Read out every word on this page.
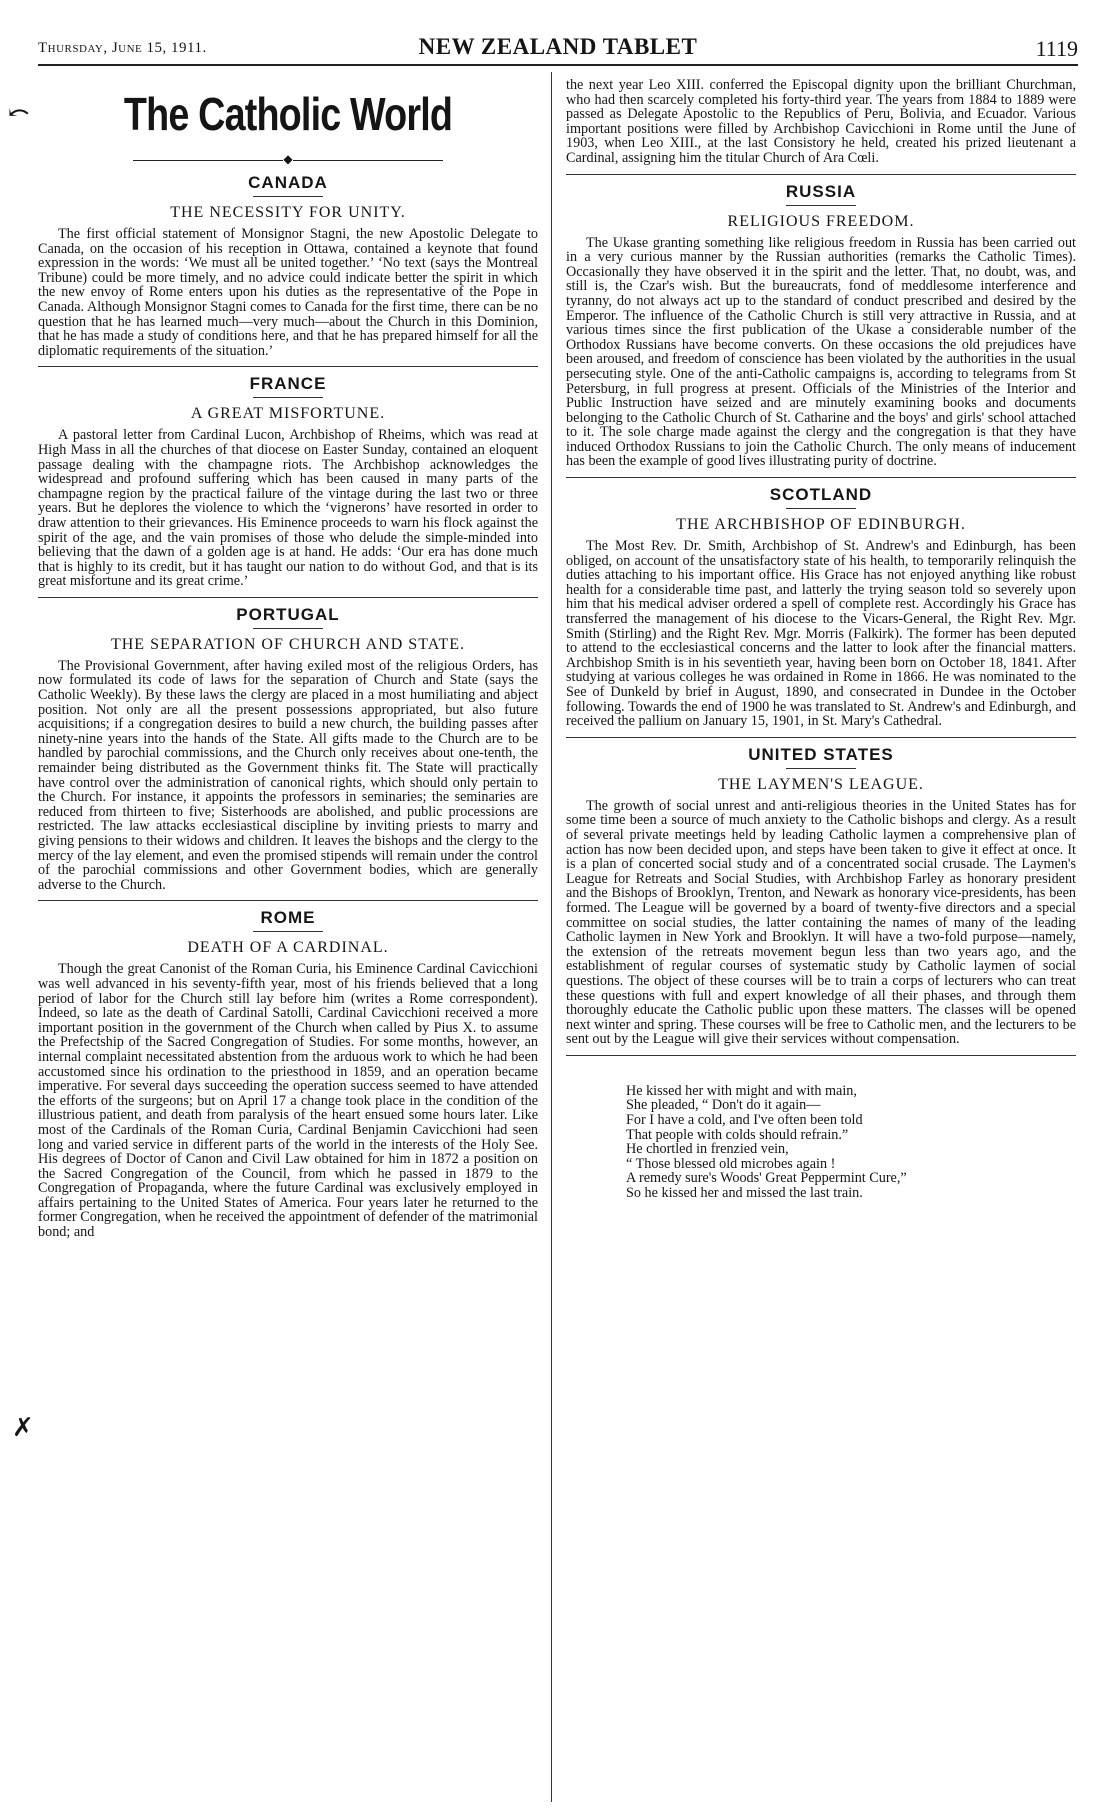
Thursday, June 15, 1911.	NEW ZEALAND TABLET	1119
⤺
✗
The Catholic World
◆
CANADA
THE NECESSITY FOR UNITY.

The first official statement of Monsignor Stagni, the new Apostolic Delegate to Canada, on the occasion of his reception in Ottawa, contained a keynote that found expression in the words: ‘We must all be united together.’ ‘No text (says the Montreal Tribune) could be more timely, and no advice could indicate better the spirit in which the new envoy of Rome enters upon his duties as the representative of the Pope in Canada. Although Monsignor Stagni comes to Canada for the first time, there can be no question that he has learned much—very much—about the Church in this Dominion, that he has made a study of conditions here, and that he has prepared himself for all the diplomatic requirements of the situation.’

FRANCE
A GREAT MISFORTUNE.

A pastoral letter from Cardinal Lucon, Archbishop of Rheims, which was read at High Mass in all the churches of that diocese on Easter Sunday, contained an eloquent passage dealing with the champagne riots. The Archbishop acknowledges the widespread and profound suffering which has been caused in many parts of the champagne region by the practical failure of the vintage during the last two or three years. But he deplores the violence to which the ‘vignerons’ have resorted in order to draw attention to their grievances. His Eminence proceeds to warn his flock against the spirit of the age, and the vain promises of those who delude the simple-minded into believing that the dawn of a golden age is at hand. He adds: ‘Our era has done much that is highly to its credit, but it has taught our nation to do without God, and that is its great misfortune and its great crime.’

PORTUGAL
THE SEPARATION OF CHURCH AND STATE.

The Provisional Government, after having exiled most of the religious Orders, has now formulated its code of laws for the separation of Church and State (says the Catholic Weekly). By these laws the clergy are placed in a most humiliating and abject position. Not only are all the present possessions appropriated, but also future acquisitions; if a congregation desires to build a new church, the building passes after ninety-nine years into the hands of the State. All gifts made to the Church are to be handled by parochial commissions, and the Church only receives about one-tenth, the remainder being distributed as the Government thinks fit. The State will practically have control over the administration of canonical rights, which should only pertain to the Church. For instance, it appoints the professors in seminaries; the seminaries are reduced from thirteen to five; Sisterhoods are abolished, and public processions are restricted. The law attacks ecclesiastical discipline by inviting priests to marry and giving pensions to their widows and children. It leaves the bishops and the clergy to the mercy of the lay element, and even the promised stipends will remain under the control of the parochial commissions and other Government bodies, which are generally adverse to the Church.

ROME
DEATH OF A CARDINAL.

Though the great Canonist of the Roman Curia, his Eminence Cardinal Cavicchioni was well advanced in his seventy-fifth year, most of his friends believed that a long period of labor for the Church still lay before him (writes a Rome correspondent). Indeed, so late as the death of Cardinal Satolli, Cardinal Cavicchioni received a more important position in the government of the Church when called by Pius X. to assume the Prefectship of the Sacred Congregation of Studies. For some months, however, an internal complaint necessitated abstention from the arduous work to which he had been accustomed since his ordination to the priesthood in 1859, and an operation became imperative. For several days succeeding the operation success seemed to have attended the efforts of the surgeons; but on April 17 a change took place in the condition of the illustrious patient, and death from paralysis of the heart ensued some hours later. Like most of the Cardinals of the Roman Curia, Cardinal Benjamin Cavicchioni had seen long and varied service in different parts of the world in the interests of the Holy See. His degrees of Doctor of Canon and Civil Law obtained for him in 1872 a position on the Sacred Congregation of the Council, from which he passed in 1879 to the Congregation of Propaganda, where the future Cardinal was exclusively employed in affairs pertaining to the United States of America. Four years later he returned to the former Congregation, when he received the appointment of defender of the matrimonial bond; and

the next year Leo XIII. conferred the Episcopal dignity upon the brilliant Churchman, who had then scarcely completed his forty-third year. The years from 1884 to 1889 were passed as Delegate Apostolic to the Republics of Peru, Bolivia, and Ecuador. Various important positions were filled by Archbishop Cavicchioni in Rome until the June of 1903, when Leo XIII., at the last Consistory he held, created his prized lieutenant a Cardinal, assigning him the titular Church of Ara Cœli.

RUSSIA
RELIGIOUS FREEDOM.

The Ukase granting something like religious freedom in Russia has been carried out in a very curious manner by the Russian authorities (remarks the Catholic Times). Occasionally they have observed it in the spirit and the letter. That, no doubt, was, and still is, the Czar's wish. But the bureaucrats, fond of meddlesome interference and tyranny, do not always act up to the standard of conduct prescribed and desired by the Emperor. The influence of the Catholic Church is still very attractive in Russia, and at various times since the first publication of the Ukase a considerable number of the Orthodox Russians have become converts. On these occasions the old prejudices have been aroused, and freedom of conscience has been violated by the authorities in the usual persecuting style. One of the anti-Catholic campaigns is, according to telegrams from St Petersburg, in full progress at present. Officials of the Ministries of the Interior and Public Instruction have seized and are minutely examining books and documents belonging to the Catholic Church of St. Catharine and the boys' and girls' school attached to it. The sole charge made against the clergy and the congregation is that they have induced Orthodox Russians to join the Catholic Church. The only means of inducement has been the example of good lives illustrating purity of doctrine.

SCOTLAND
THE ARCHBISHOP OF EDINBURGH.

The Most Rev. Dr. Smith, Archbishop of St. Andrew's and Edinburgh, has been obliged, on account of the unsatisfactory state of his health, to temporarily relinquish the duties attaching to his important office. His Grace has not enjoyed anything like robust health for a considerable time past, and latterly the trying season told so severely upon him that his medical adviser ordered a spell of complete rest. Accordingly his Grace has transferred the management of his diocese to the Vicars-General, the Right Rev. Mgr. Smith (Stirling) and the Right Rev. Mgr. Morris (Falkirk). The former has been deputed to attend to the ecclesiastical concerns and the latter to look after the financial matters. Archbishop Smith is in his seventieth year, having been born on October 18, 1841. After studying at various colleges he was ordained in Rome in 1866. He was nominated to the See of Dunkeld by brief in August, 1890, and consecrated in Dundee in the October following. Towards the end of 1900 he was translated to St. Andrew's and Edinburgh, and received the pallium on January 15, 1901, in St. Mary's Cathedral.

UNITED STATES
THE LAYMEN'S LEAGUE.

The growth of social unrest and anti-religious theories in the United States has for some time been a source of much anxiety to the Catholic bishops and clergy. As a result of several private meetings held by leading Catholic laymen a comprehensive plan of action has now been decided upon, and steps have been taken to give it effect at once. It is a plan of concerted social study and of a concentrated social crusade. The Laymen's League for Retreats and Social Studies, with Archbishop Farley as honorary president and the Bishops of Brooklyn, Trenton, and Newark as honorary vice-presidents, has been formed. The League will be governed by a board of twenty-five directors and a special committee on social studies, the latter containing the names of many of the leading Catholic laymen in New York and Brooklyn. It will have a two-fold purpose—namely, the extension of the retreats movement begun less than two years ago, and the establishment of regular courses of systematic study by Catholic laymen of social questions. The object of these courses will be to train a corps of lecturers who can treat these questions with full and expert knowledge of all their phases, and through them thoroughly educate the Catholic public upon these matters. The classes will be opened next winter and spring. These courses will be free to Catholic men, and the lecturers to be sent out by the League will give their services without compensation.

He kissed her with might and with main,
She pleaded, “ Don't do it again—
For I have a cold, and I've often been told
That people with colds should refrain.”
He chortled in frenzied vein,
“ Those blessed old microbes again !
A remedy sure's Woods' Great Peppermint Cure,”
So he kissed her and missed the last train.
